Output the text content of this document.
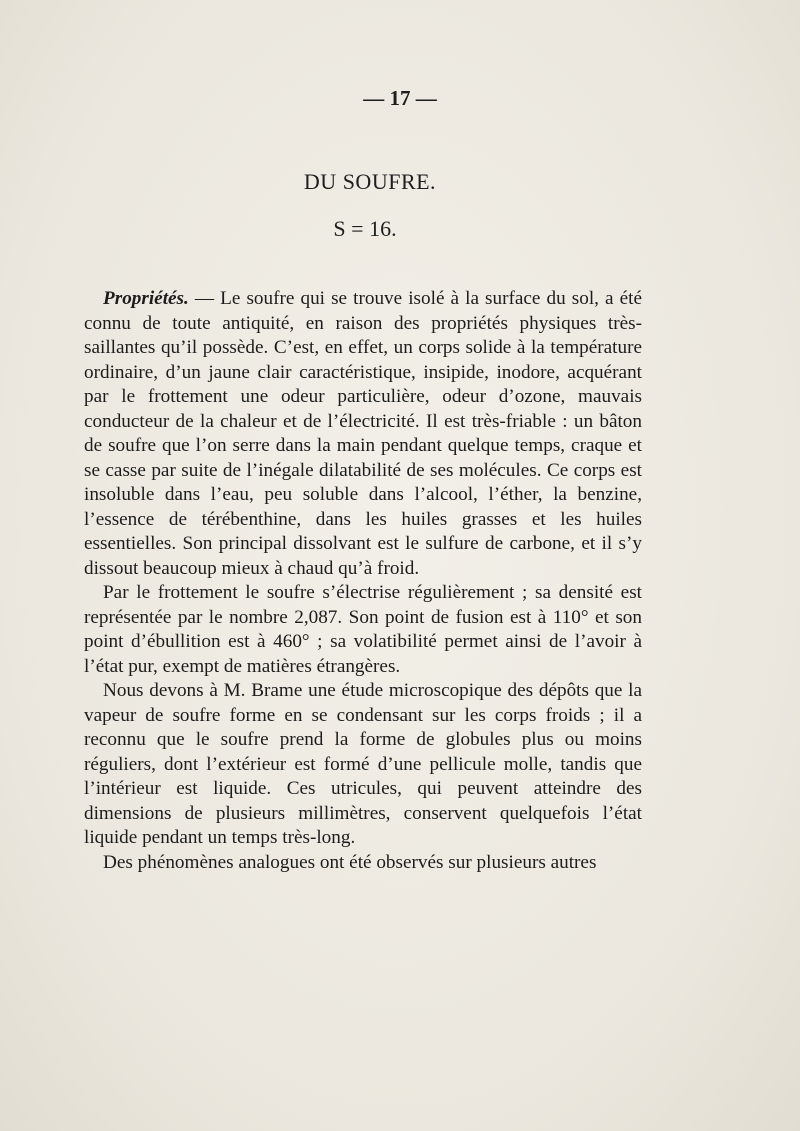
— 17 —
DU SOUFRE.
S = 16.

Propriétés. — Le soufre qui se trouve isolé à la surface du sol, a été connu de toute antiquité, en raison des propriétés physiques très-saillantes qu’il possède. C’est, en effet, un corps solide à la température ordinaire, d’un jaune clair caractéristique, insipide, inodore, acquérant par le frottement une odeur particulière, odeur d’ozone, mauvais conducteur de la chaleur et de l’électricité. Il est très-friable : un bâton de soufre que l’on serre dans la main pendant quelque temps, craque et se casse par suite de l’inégale dilatabilité de ses molécules. Ce corps est insoluble dans l’eau, peu soluble dans l’alcool, l’éther, la benzine, l’essence de térébenthine, dans les huiles grasses et les huiles essentielles. Son principal dissolvant est le sulfure de carbone, et il s’y dissout beaucoup mieux à chaud qu’à froid.

Par le frottement le soufre s’électrise régulièrement ; sa densité est représentée par le nombre 2,087. Son point de fusion est à 110° et son point d’ébullition est à 460° ; sa volatibilité permet ainsi de l’avoir à l’état pur, exempt de matières étrangères.

Nous devons à M. Brame une étude microscopique des dépôts que la vapeur de soufre forme en se condensant sur les corps froids ; il a reconnu que le soufre prend la forme de globules plus ou moins réguliers, dont l’extérieur est formé d’une pellicule molle, tandis que l’intérieur est liquide. Ces utricules, qui peuvent atteindre des dimensions de plusieurs millimètres, conservent quelquefois l’état liquide pendant un temps très-long.

Des phénomènes analogues ont été observés sur plusieurs autres
